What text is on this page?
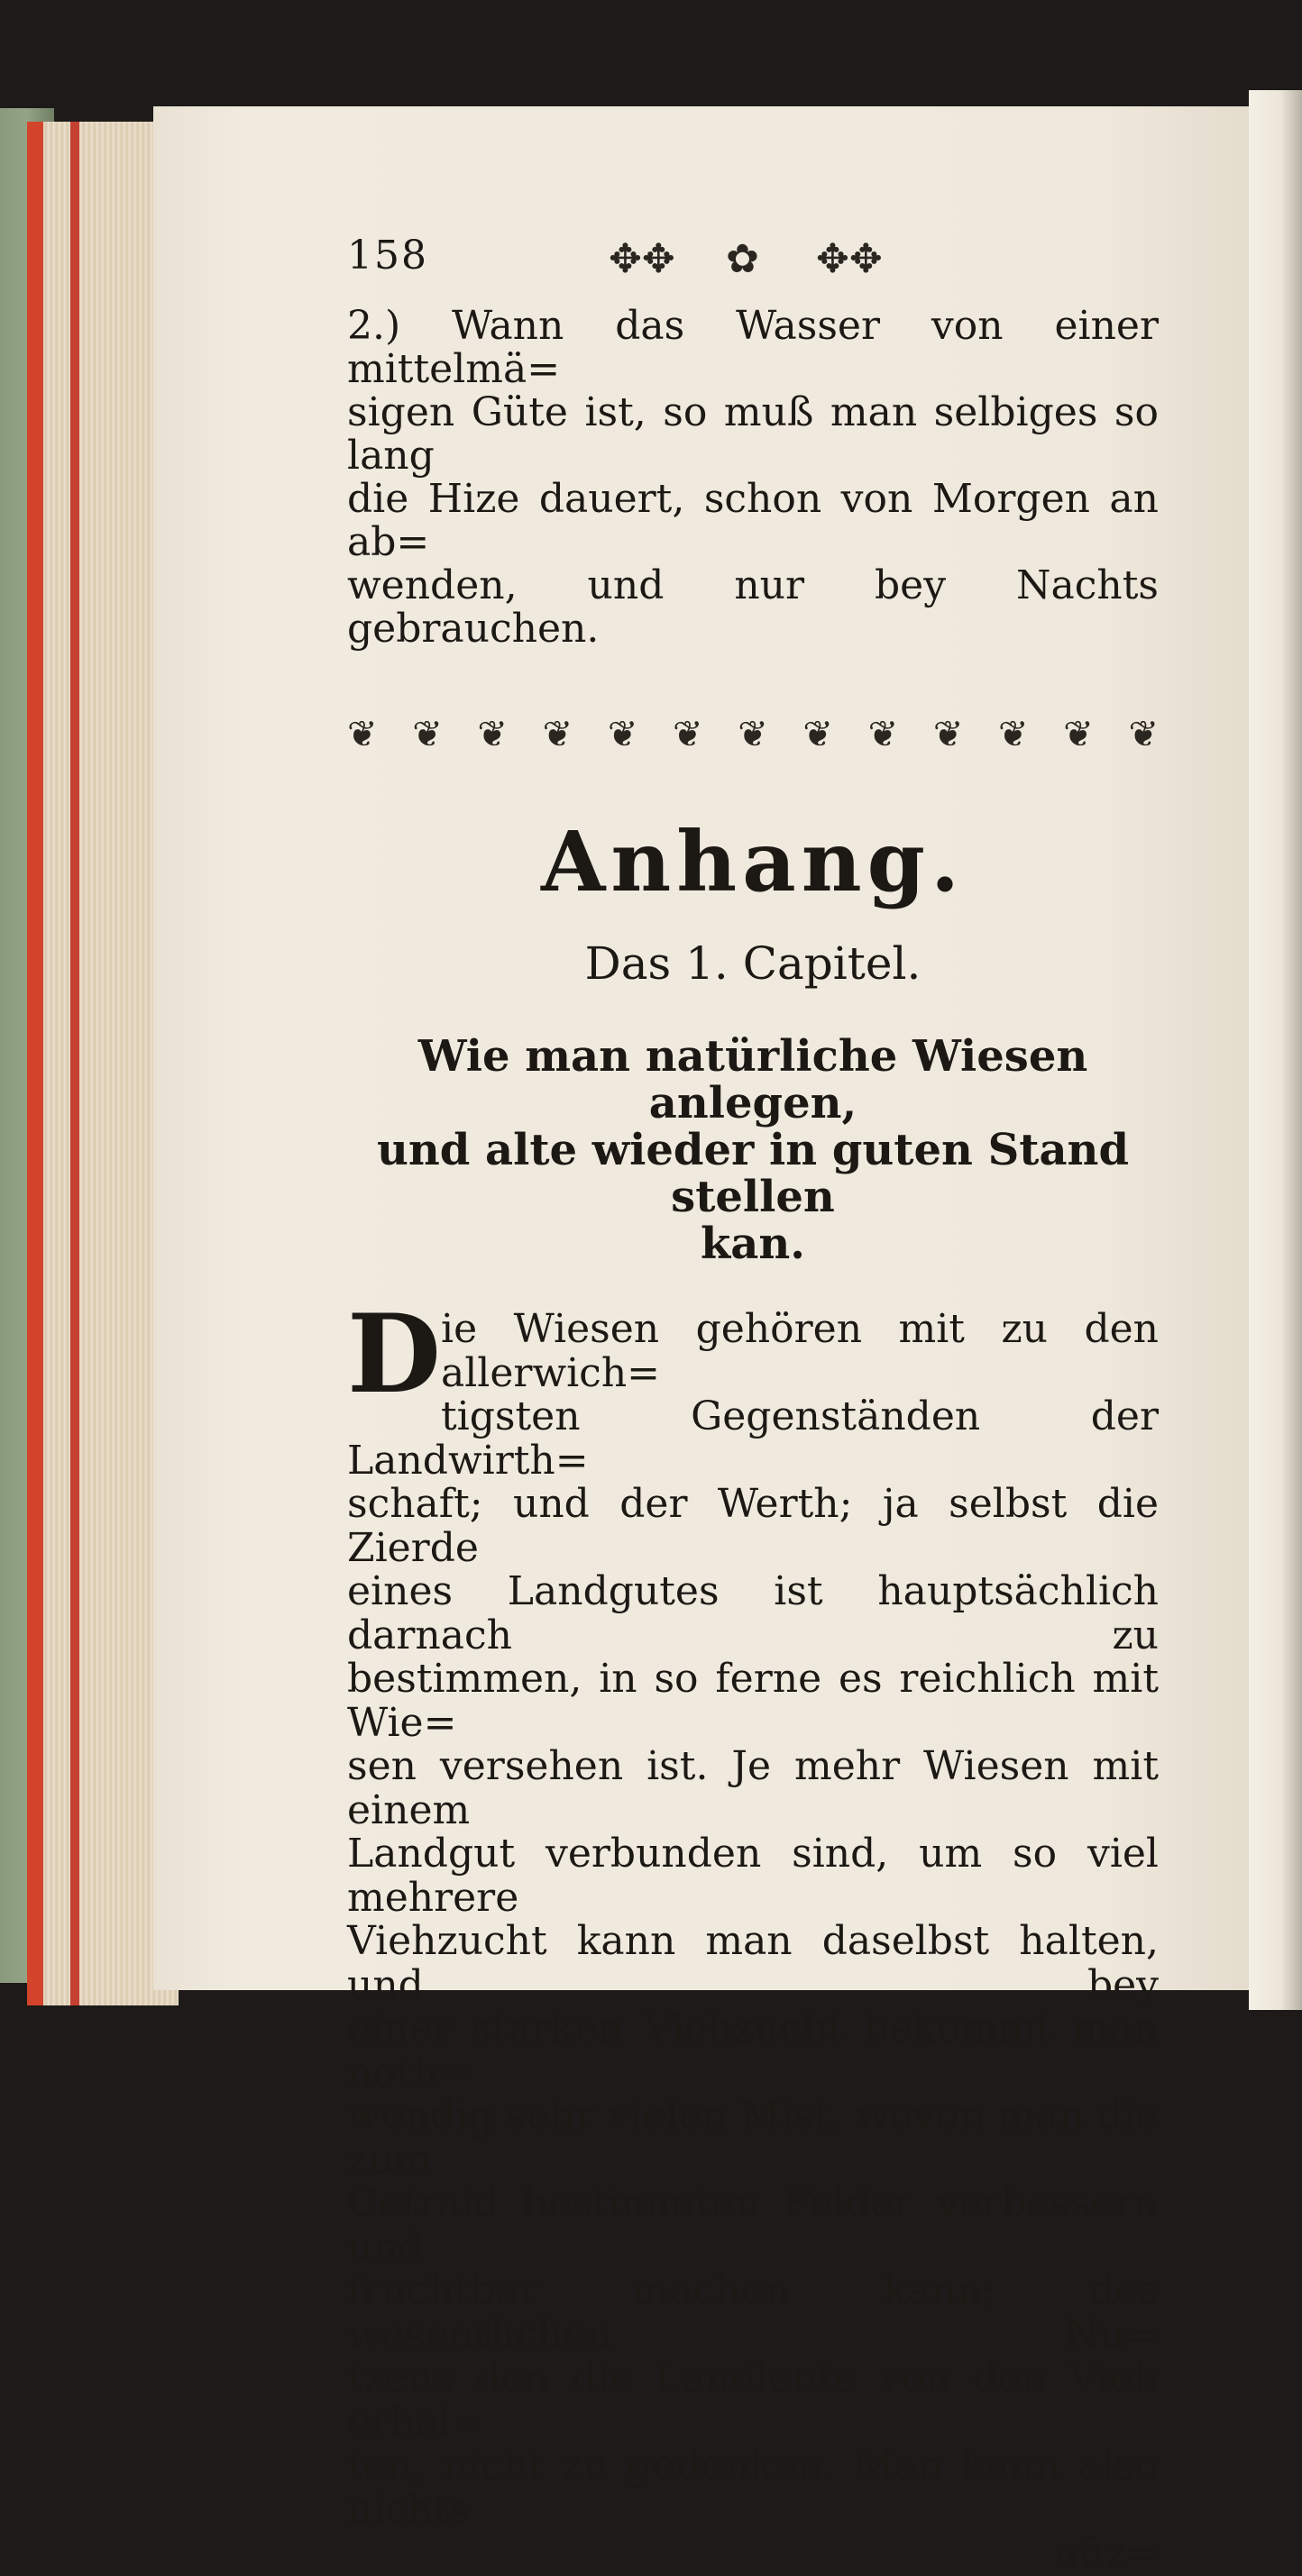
158	✥✥ ✿ ✥✥
2.) Wann das Wasser von einer mittelmä=
sigen Güte ist, so muß man selbiges so lang
die Hize dauert, schon von Morgen an ab=
wenden, und nur bey Nachts gebrauchen.
❦ ❦ ❦ ❦ ❦ ❦ ❦ ❦ ❦ ❦ ❦ ❦ ❦
Anhang.
Das 1. Capitel.
Wie man natürliche Wiesen anlegen,
und alte wieder in guten Stand stellen
kan.
D ie Wiesen gehören mit zu den allerwich=
tigsten Gegenständen der Landwirth=
schaft; und der Werth; ja selbst die Zierde
eines Landgutes ist hauptsächlich darnach zu
bestimmen, in so ferne es reichlich mit Wie=
sen versehen ist. Je mehr Wiesen mit einem
Landgut verbunden sind, um so viel mehrere
Viehzucht kann man daselbst halten, und bey
einer starken Viehzucht bekommt man noth=
wendig sehr vielen Mist, wovon man die zum
Getraid bestimmten Felder verbessern und
fruchtbar machen kann; des wesentlichen Nu=
tzens den die Landleute von den Vieh erhal=
ten, nicht zu gedenken. Man kann also nichts
nüz=
